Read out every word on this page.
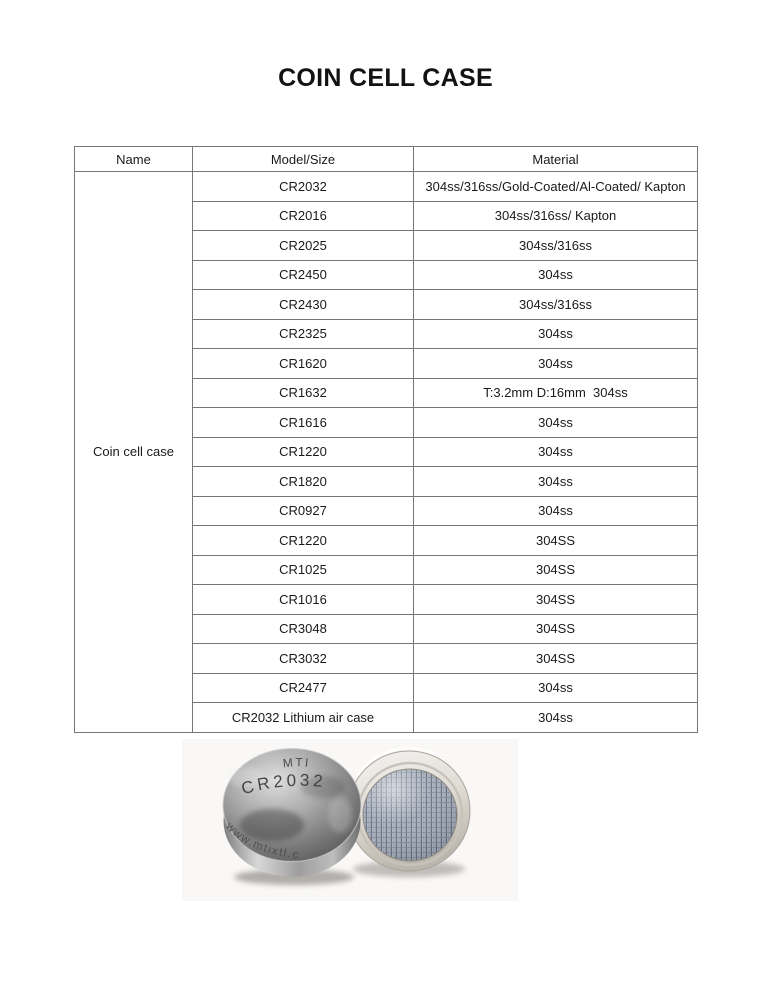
COIN CELL CASE
Name	Model/Size	Material
Coin cell case	CR2032	304ss/316ss/Gold-Coated/Al-Coated/ Kapton
	CR2016	304ss/316ss/ Kapton
	CR2025	304ss/316ss
	CR2450	304ss
	CR2430	304ss/316ss
	CR2325	304ss
	CR1620	304ss
	CR1632	T:3.2mm D:16mm  304ss
	CR1616	304ss
	CR1220	304ss
	CR1820	304ss
	CR0927	304ss
	CR1220	304SS
	CR1025	304SS
	CR1016	304SS
	CR3048	304SS
	CR3032	304SS
	CR2477	304ss
	CR2032 Lithium air case	304ss
MTI
CR2032
www.mtixtl.c
